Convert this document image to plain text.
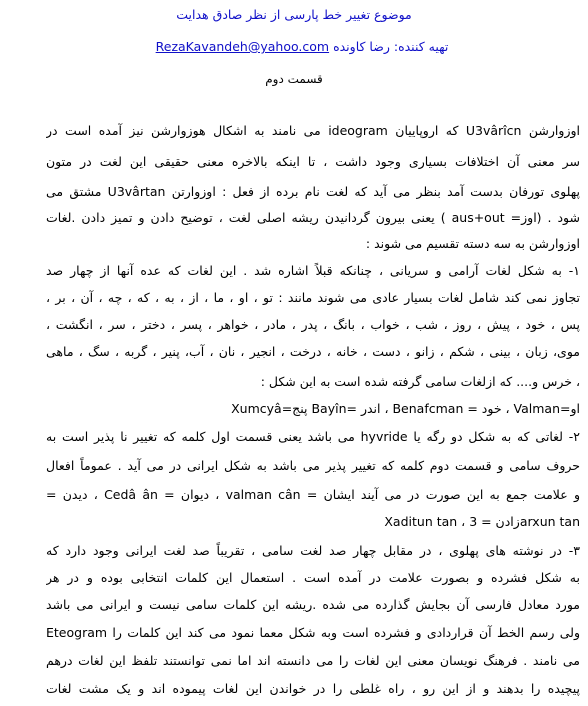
موضوع تغییر خط پارسی از نظر صادق هدایت
تهیه کننده: رضا کاونده RezaKavandeh@yahoo.com
قسمت دوم
اوزوارشن U3vârîcn که اروپاییان ideogram می نامند به اشکال هوزوارشن نیز آمده است در
سر معنی آن اختلافات بسیاری وجود داشت ، تا اینکه بالاخره معنی حقیقی این لغت در متون
پهلوی تورفان بدست آمد بنظر می آید که لغت نام برده از فعل : اوزوارتن U3vârtan مشتق می
شود . (اوز= aus+out ) یعنی بیرون گردانیدن ریشه اصلی لغت ، توضیح دادن و تمیز دادن .لغات
اوزوارشن به سه دسته تقسیم می شوند :
۱- به شکل لغات آرامی و سریانی ، چنانکه قبلاً اشاره شد . این لغات که عده آنها از چهار صد
تجاوز نمی کند شامل لغات بسیار عادی می شوند مانند : تو ، او ، ما ، از ، به ، که ، چه ، آن ، بر ،
پس ، خود ، پیش ، روز ، شب ، خواب ، بانگ ، پدر ، مادر ، خواهر ، پسر ، دختر ، سر ، انگشت ،
موی، زبان ، بینی ، شکم ، زانو ، دست ، خانه ، درخت ، انجیر ، نان ، آب، پنیر ، گربه ، سگ ، ماهی
، خرس و.... که ازلغات سامی گرفته شده است به این شکل :
او=Valman ، خود = Benafcman ، اندر =Bayîn پنج=Xumcyâ
۲- لغاتی که به شکل دو رگه یا hyvride می باشد یعنی قسمت اول کلمه که تغییر نا پذیر است به
حروف سامی و قسمت دوم کلمه که تغییر پذیر می باشد به شکل ایرانی در می آید . عموماً افعال
و علامت جمع به این صورت در می آیند ایشان = valman cân ، دیوان = Cedâ ân ، دیدن =
Xaditun tan ، زادن = 3arxun tan
۳- در نوشته های پهلوی ، در مقابل چهار صد لغت سامی ، تقریباً صد لغت ایرانی وجود دارد که
به شکل فشرده و بصورت علامت در آمده است . استعمال این کلمات انتخابی بوده و در هر
مورد معادل فارسی آن بجایش گذارده می شده .ریشه این کلمات سامی نیست و ایرانی می باشد
ولی رسم الخط آن قراردادی و فشرده است وبه شکل معما نمود می کند این کلمات را Eteogram
می نامند . فرهنگ نویسان معنی این لغات را می دانسته اند اما نمی توانستند تلفظ این لغات درهم
پیچیده را بدهند و از این رو ، راه غلطی را در خواندن این لغات پیموده اند و یک مشت لغات
